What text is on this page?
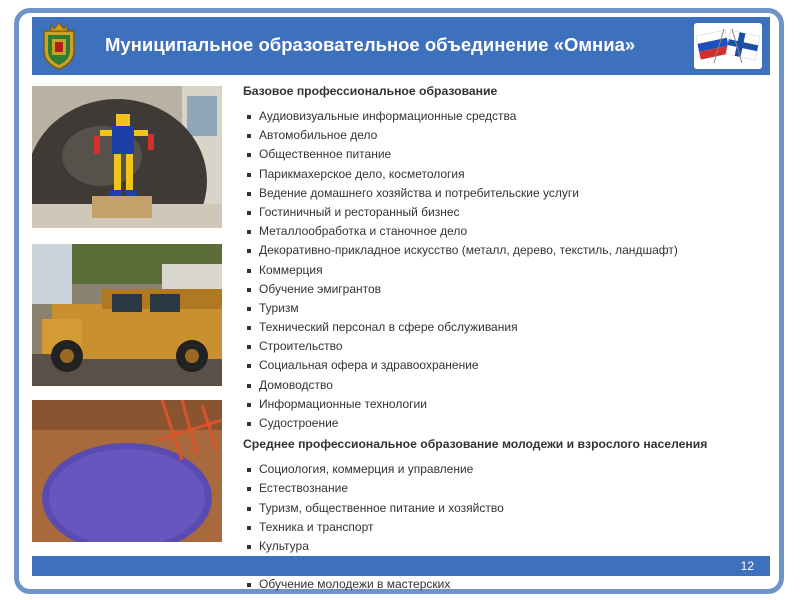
Муниципальное образовательное объединение «Омниа»
Базовое профессиональное образование
Аудиовизуальные информационные средства
Автомобильное дело
Общественное питание
Парикмахерское дело, косметология
Ведение домашнего хозяйства и потребительские услуги
Гостиничный и ресторанный бизнес
Металлообработка и станочное дело
Декоративно-прикладное искусство (металл, дерево, текстиль, ландшафт)
Коммерция
Обучение эмигрантов
Туризм
Технический персонал в сфере обслуживания
Строительство
Социальная офера и здравоохранение
Домоводство
Информационные технологии
Судостроение
Среднее профессиональное образование молодежи и взрослого населения
Социология, коммерция и управление
Естествознание
Туризм, общественное питание и хозяйство
Техника и транспорт
Культура
Обучение молодежи в мастерских
12
